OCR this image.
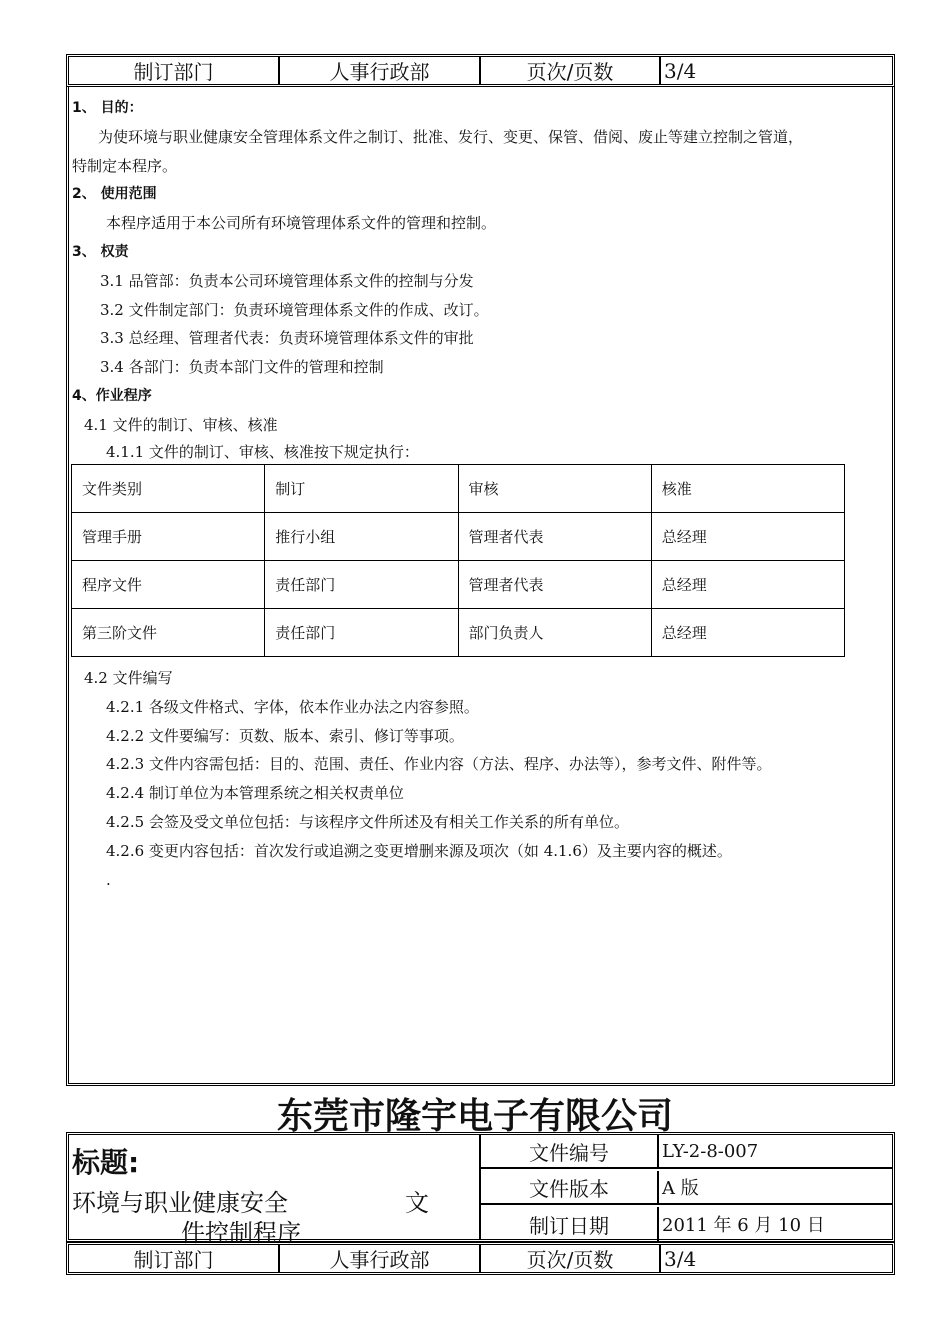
制订部门	人事行政部	页次/页数	3/4

1、 目的：

为使环境与职业健康安全管理体系文件之制订、批准、发行、变更、保管、借阅、废止等建立控制之管道，

特制定本程序。

2、 使用范围

本程序适用于本公司所有环境管理体系文件的管理和控制。

3、 权责

3.1 品管部：负责本公司环境管理体系文件的控制与分发

3.2 文件制定部门：负责环境管理体系文件的作成、改订。

3.3 总经理、管理者代表：负责环境管理体系文件的审批

3.4 各部门：负责本部门文件的管理和控制

4、作业程序

4.1 文件的制订、审核、核准

4.1.1 文件的制订、审核、核准按下规定执行：

文件类别	制订	审核	核准
管理手册	推行小组	管理者代表	总经理
程序文件	责任部门	管理者代表	总经理
第三阶文件	责任部门	部门负责人	总经理

4.2 文件编写

4.2.1 各级文件格式、字体，依本作业办法之内容参照。

4.2.2 文件要编写：页数、版本、索引、修订等事项。

4.2.3 文件内容需包括：目的、范围、责任、作业内容（方法、程序、办法等），参考文件、附件等。

4.2.4 制订单位为本管理系统之相关权责单位

4.2.5 会签及受文单位包括：与该程序文件所述及有相关工作关系的所有单位。

4.2.6 变更内容包括：首次发行或追溯之变更增删来源及项次（如 4.1.6）及主要内容的概述。

.

东莞市隆宇电子有限公司
标题:
环境与职业健康安全	文
件控制程序
文件编号	LY-2-8-007
文件版本	A 版
制订日期	2011 年 6 月 10 日
制订部门	人事行政部	页次/页数	3/4
